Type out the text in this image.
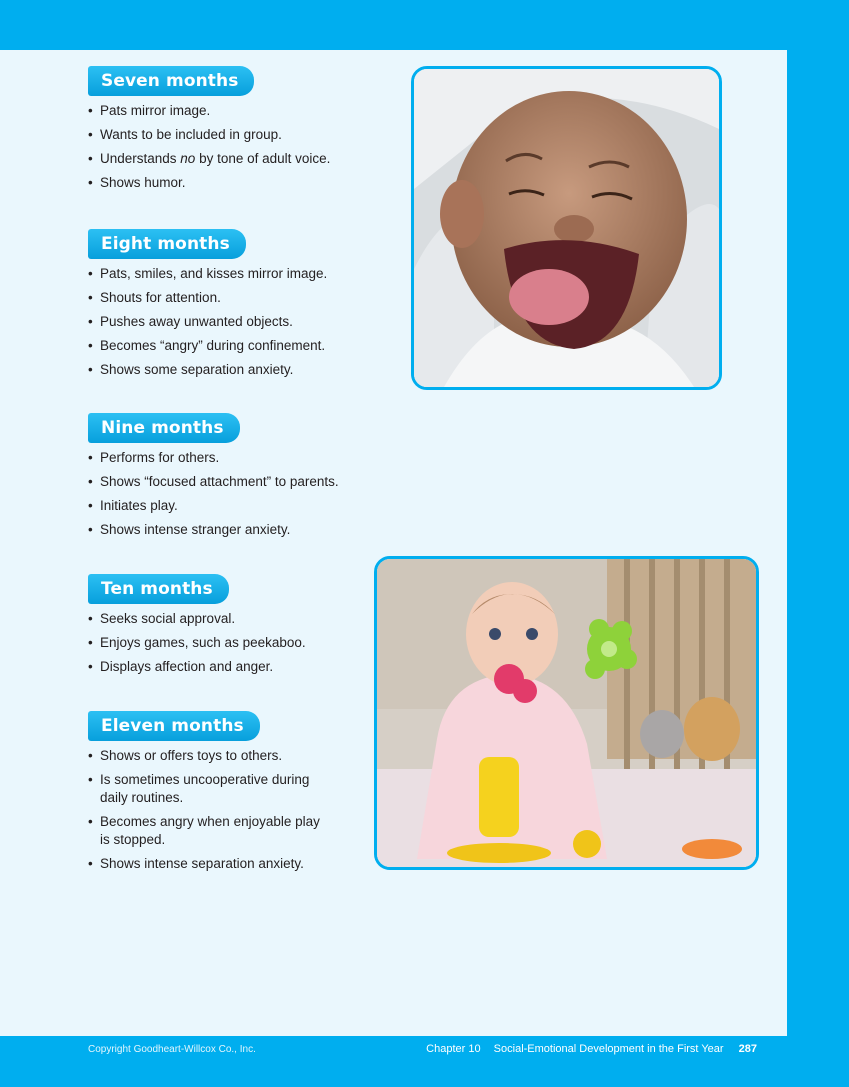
Seven months
• Pats mirror image.
• Wants to be included in group.
• Understands no by tone of adult voice.
• Shows humor.
Eight months
• Pats, smiles, and kisses mirror image.
• Shouts for attention.
• Pushes away unwanted objects.
• Becomes “angry” during confinement.
• Shows some separation anxiety.
Nine months
• Performs for others.
• Shows “focused attachment” to parents.
• Initiates play.
• Shows intense stranger anxiety.
Ten months
• Seeks social approval.
• Enjoys games, such as peekaboo.
• Displays affection and anger.
Eleven months
• Shows or offers toys to others.
• Is sometimes uncooperative during daily routines.
• Becomes angry when enjoyable play is stopped.
• Shows intense separation anxiety.
Copyright Goodheart-Willcox Co., Inc.	Chapter 10 Social-Emotional Development in the First Year 287
